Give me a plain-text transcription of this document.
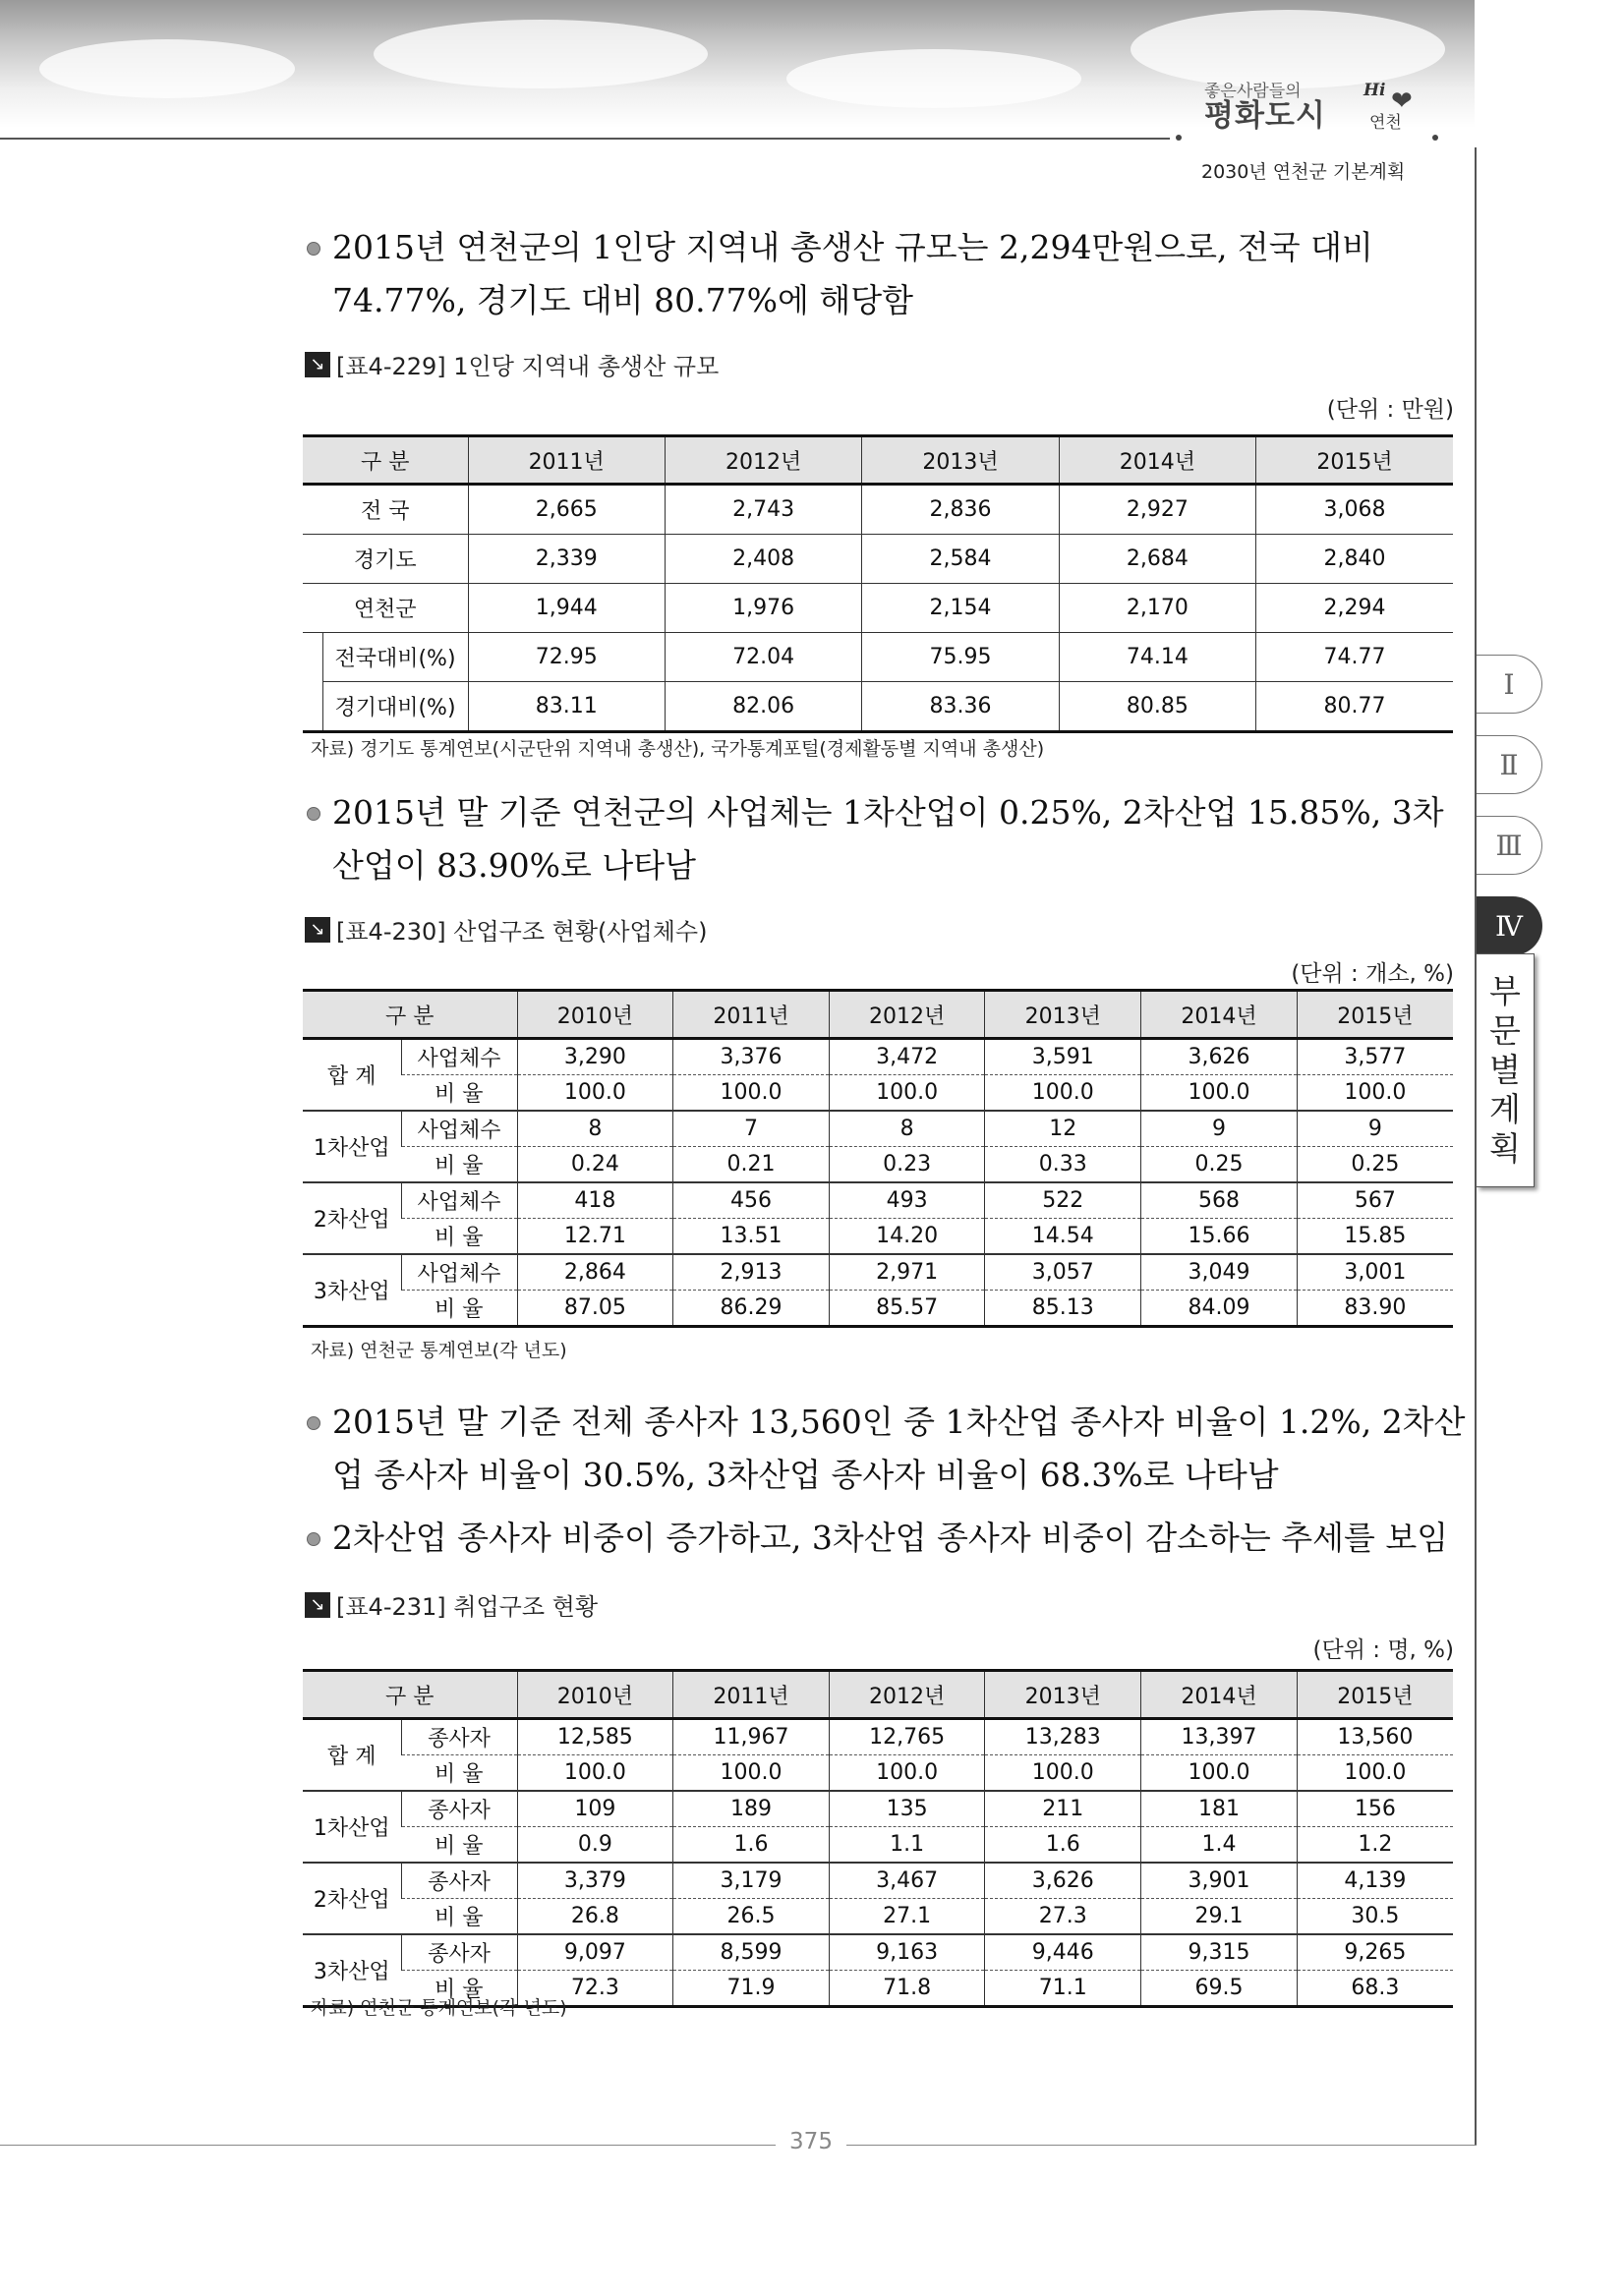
좋은사람들의
평화도시
Hi ❤
연천
2030년 연천군 기본계획
Ⅰ
Ⅱ
Ⅲ
Ⅳ
부
문
별
계
획
2015년 연천군의 1인당 지역내 총생산 규모는 2,294만원으로, 전국 대비 74.77%, 경기도 대비 80.77%에 해당함
↘ [표4-229] 1인당 지역내 총생산 규모
(단위 : 만원)
구 분		2011년	2012년	2013년	2014년	2015년
전 국		2,665	2,743	2,836	2,927	3,068
경기도		2,339	2,408	2,584	2,684	2,840
연천군		1,944	1,976	2,154	2,170	2,294
	전국대비(%)	72.95	72.04	75.95	74.14	74.77
	경기대비(%)	83.11	82.06	83.36	80.85	80.77
자료) 경기도 통계연보(시군단위 지역내 총생산), 국가통계포털(경제활동별 지역내 총생산)
2015년 말 기준 연천군의 사업체는 1차산업이 0.25%, 2차산업 15.85%, 3차산업이 83.90%로 나타남
↘ [표4-230] 산업구조 현황(사업체수)
(단위 : 개소, %)
구 분		2010년	2011년	2012년	2013년	2014년	2015년
합 계	사업체수	3,290	3,376	3,472	3,591	3,626	3,577
	비 율	100.0	100.0	100.0	100.0	100.0	100.0
1차산업	사업체수	8	7	8	12	9	9
	비 율	0.24	0.21	0.23	0.33	0.25	0.25
2차산업	사업체수	418	456	493	522	568	567
	비 율	12.71	13.51	14.20	14.54	15.66	15.85
3차산업	사업체수	2,864	2,913	2,971	3,057	3,049	3,001
	비 율	87.05	86.29	85.57	85.13	84.09	83.90
자료) 연천군 통계연보(각 년도)
2015년 말 기준 전체 종사자 13,560인 중 1차산업 종사자 비율이 1.2%, 2차산업 종사자 비율이 30.5%, 3차산업 종사자 비율이 68.3%로 나타남
2차산업 종사자 비중이 증가하고, 3차산업 종사자 비중이 감소하는 추세를 보임
↘ [표4-231] 취업구조 현황
(단위 : 명, %)
구 분		2010년	2011년	2012년	2013년	2014년	2015년
합 계	종사자	12,585	11,967	12,765	13,283	13,397	13,560
	비 율	100.0	100.0	100.0	100.0	100.0	100.0
1차산업	종사자	109	189	135	211	181	156
	비 율	0.9	1.6	1.1	1.6	1.4	1.2
2차산업	종사자	3,379	3,179	3,467	3,626	3,901	4,139
	비 율	26.8	26.5	27.1	27.3	29.1	30.5
3차산업	종사자	9,097	8,599	9,163	9,446	9,315	9,265
	비 율	72.3	71.9	71.8	71.1	69.5	68.3
자료) 연천군 통계연보(각 년도)
375
